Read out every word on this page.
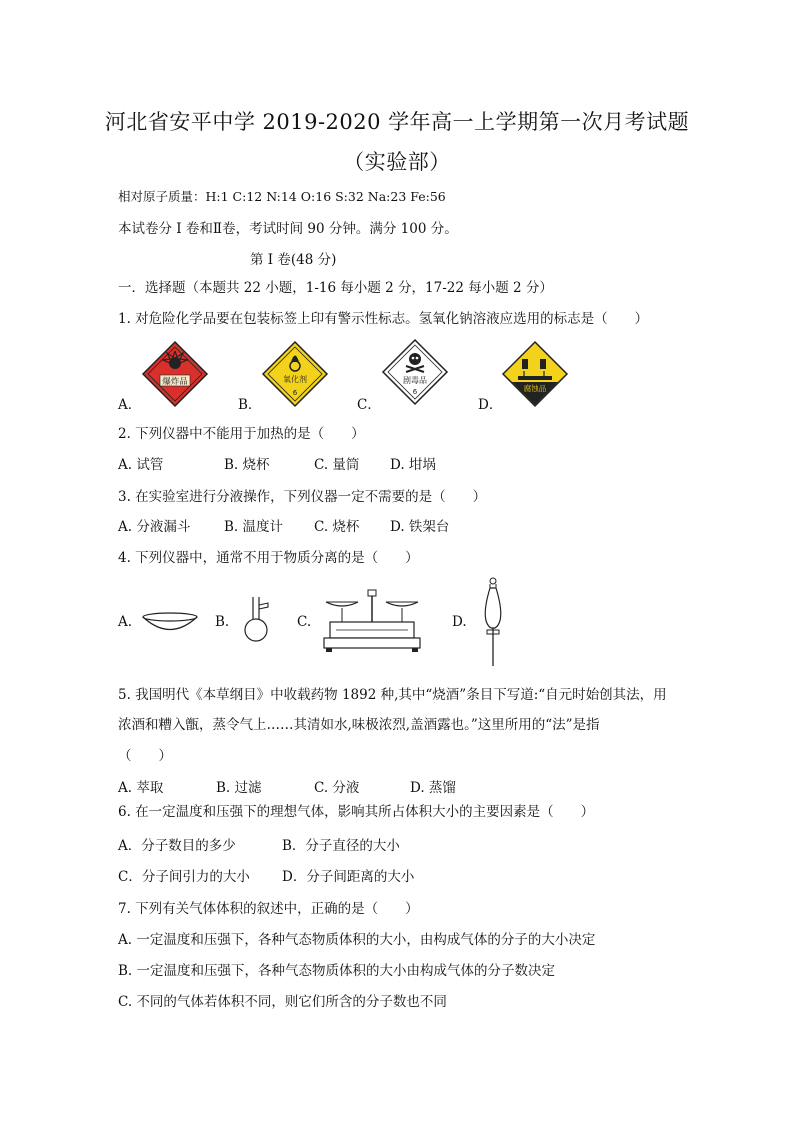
河北省安平中学 2019-2020 学年高一上学期第一次月考试题
（实验部）
相对原子质量：H:1 C:12 N:14 O:16 S:32 Na:23 Fe:56
本试卷分 I 卷和Ⅱ卷，考试时间 90 分钟。满分 100 分。
第 I 卷(48 分)
一．选择题（本题共 22 小题，1-16 每小题 2 分，17-22 每小题 2 分）
1. 对危险化学品要在包装标签上印有警示性标志。氢氧化钠溶液应选用的标志是（　　）
A．
爆炸品
B．
氧化剂
6
C．
剧毒品
6
D．
腐蚀品
2. 下列仪器中不能用于加热的是（　　）
A. 试管	B. 烧杯	C. 量筒 D. 坩埚
3. 在实验室进行分液操作，下列仪器一定不需要的是（　　）
A. 分液漏斗 B. 温度计 C. 烧杯 D. 铁架台
4. 下列仪器中，通常不用于物质分离的是（　　）
A.	B.	C.	D.
5. 我国明代《本草纲目》中收载药物 1892 种,其中“烧酒”条目下写道:“自元时始创其法，用
浓酒和糟入甑，蒸令气上……其清如水,味极浓烈,盖酒露也。”这里所用的“法”是指
（　　）
A. 萃取	B. 过滤	C. 分液	D. 蒸馏
6. 在一定温度和压强下的理想气体，影响其所占体积大小的主要因素是（　　）
A．分子数目的多少	B．分子直径的大小
C．分子间引力的大小 D．分子间距离的大小
7. 下列有关气体体积的叙述中，正确的是（　　）
A. 一定温度和压强下，各种气态物质体积的大小，由构成气体的分子的大小决定
B. 一定温度和压强下，各种气态物质体积的大小由构成气体的分子数决定
C. 不同的气体若体积不同，则它们所含的分子数也不同
